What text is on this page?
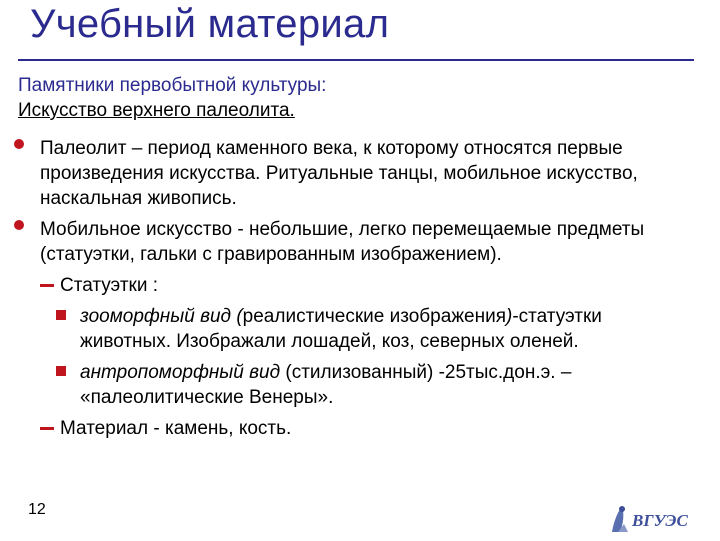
Учебный материал
Памятники первобытной культуры:
Искусство верхнего палеолита.
Палеолит – период каменного века, к которому относятся первые произведения искусства. Ритуальные танцы, мобильное искусство, наскальная живопись.
Мобильное искусство - небольшие, легко перемещаемые предметы (статуэтки, гальки с гравированным изображением).
Статуэтки :
зооморфный вид (реалистические изображения)-статуэтки животных. Изображали лошадей, коз, северных оленей.
антропоморфный вид (стилизованный) -25тыс.дон.э. – «палеолитические Венеры».
Материал - камень, кость.
12
ВГУЭС
